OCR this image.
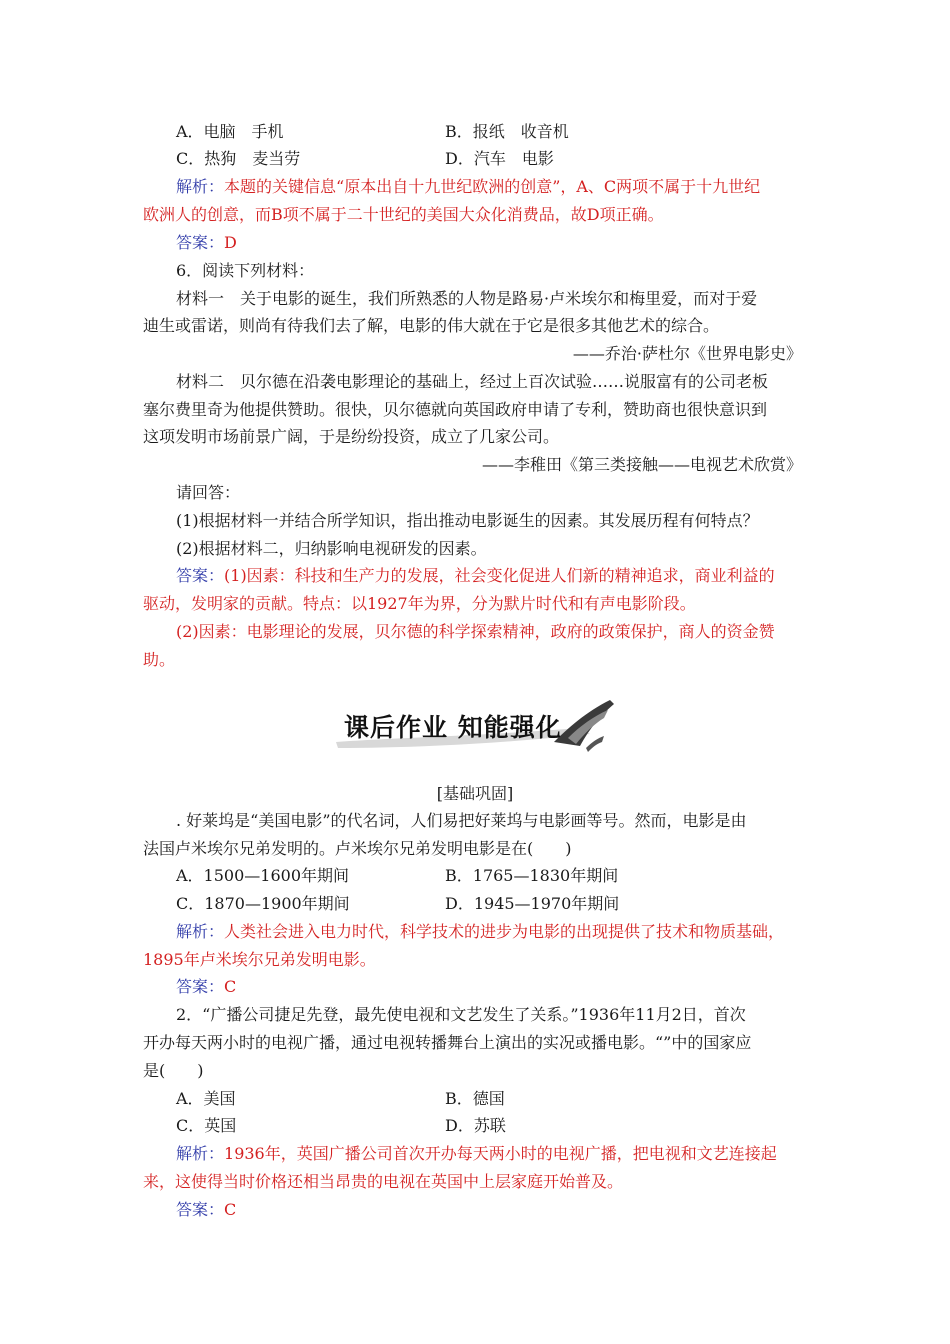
A．电脑　手机	B．报纸　收音机
C．热狗　麦当劳	D．汽车　电影
解析：本题的关键信息“原本出自十九世纪欧洲的创意”，A、C两项不属于十九世纪
欧洲人的创意，而B项不属于二十世纪的美国大众化消费品，故D项正确。
答案：D
6．阅读下列材料：
材料一　关于电影的诞生，我们所熟悉的人物是路易·卢米埃尔和梅里爱，而对于爱
迪生或雷诺，则尚有待我们去了解，电影的伟大就在于它是很多其他艺术的综合。
——乔治·萨杜尔《世界电影史》
材料二　贝尔德在沿袭电影理论的基础上，经过上百次试验……说服富有的公司老板
塞尔费里奇为他提供赞助。很快，贝尔德就向英国政府申请了专利，赞助商也很快意识到
这项发明市场前景广阔，于是纷纷投资，成立了几家公司。
——李稚田《第三类接触——电视艺术欣赏》
请回答：
(1)根据材料一并结合所学知识，指出推动电影诞生的因素。其发展历程有何特点？
(2)根据材料二，归纳影响电视研发的因素。
答案：(1)因素：科技和生产力的发展，社会变化促进人们新的精神追求，商业利益的
驱动，发明家的贡献。特点：以1927年为界，分为默片时代和有声电影阶段。
(2)因素：电影理论的发展，贝尔德的科学探索精神，政府的政策保护，商人的资金赞
助。
课后作业 知能强化
[基础巩固]
. 好莱坞是“美国电影”的代名词，人们易把好莱坞与电影画等号。然而，电影是由
法国卢米埃尔兄弟发明的。卢米埃尔兄弟发明电影是在(　　)
A．1500—1600年期间	B．1765—1830年期间
C．1870—1900年期间	D．1945—1970年期间
解析：人类社会进入电力时代，科学技术的进步为电影的出现提供了技术和物质基础，
1895年卢米埃尔兄弟发明电影。
答案：C
2．“广播公司捷足先登，最先使电视和文艺发生了关系。”1936年11月2日，首次
开办每天两小时的电视广播，通过电视转播舞台上演出的实况或播电影。“”中的国家应
是(　　)
A．美国	B．德国
C．英国	D．苏联
解析：1936年，英国广播公司首次开办每天两小时的电视广播，把电视和文艺连接起
来，这使得当时价格还相当昂贵的电视在英国中上层家庭开始普及。
答案：C
